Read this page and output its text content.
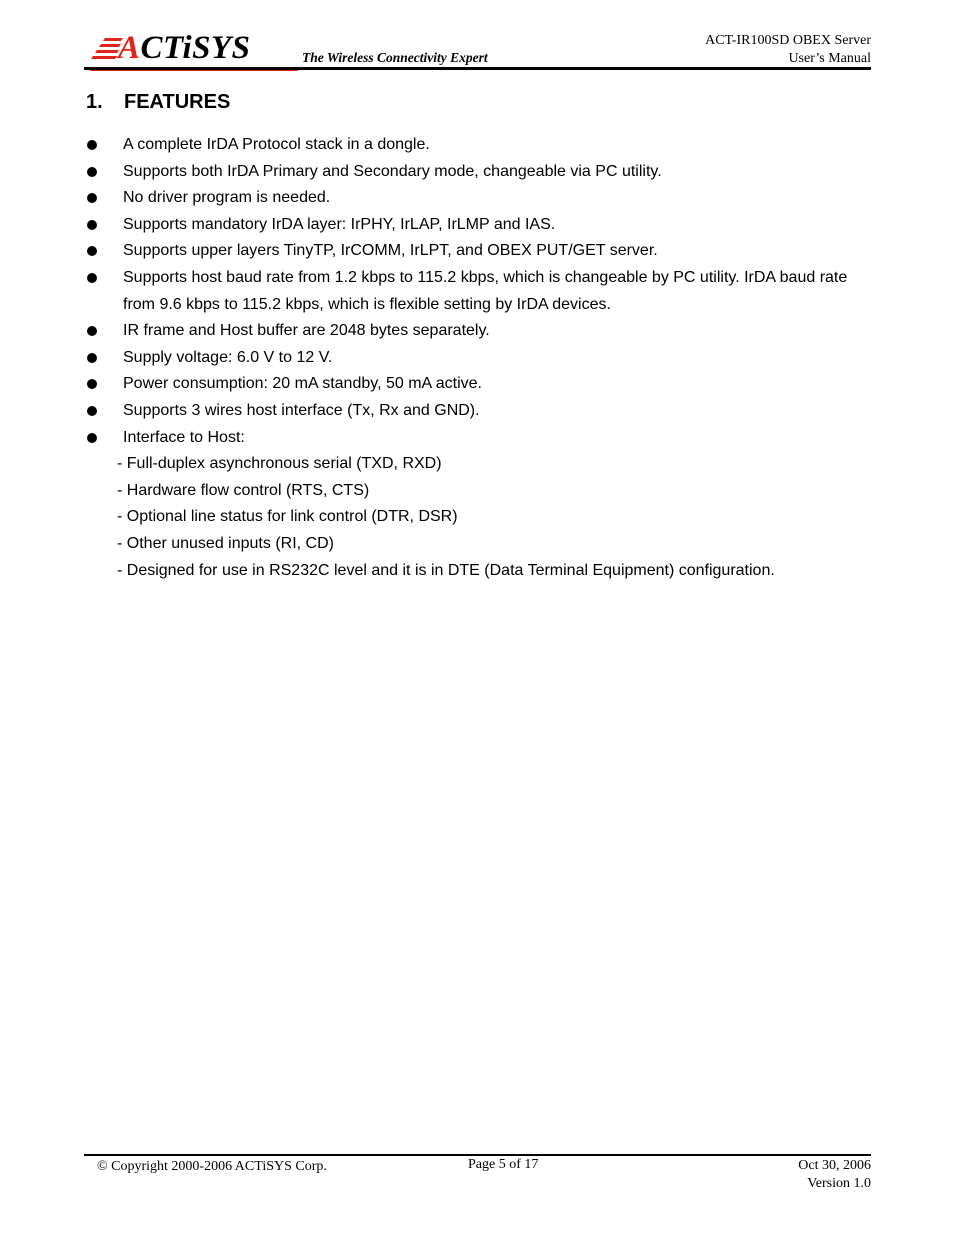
ACTiSYS	The Wireless Connectivity Expert
ACT-IR100SD OBEX Server
User’s Manual
1. FEATURES
A complete IrDA Protocol stack in a dongle.
Supports both IrDA Primary and Secondary mode, changeable via PC utility.
No driver program is needed.
Supports mandatory IrDA layer: IrPHY, IrLAP, IrLMP and IAS.
Supports upper layers TinyTP, IrCOMM, IrLPT, and OBEX PUT/GET server.
Supports host baud rate from 1.2 kbps to 115.2 kbps, which is changeable by PC utility. IrDA baud rate from 9.6 kbps to 115.2 kbps, which is flexible setting by IrDA devices.
IR frame and Host buffer are 2048 bytes separately.
Supply voltage: 6.0 V to 12 V.
Power consumption: 20 mA standby, 50 mA active.
Supports 3 wires host interface (Tx, Rx and GND).
Interface to Host:
- Full-duplex asynchronous serial (TXD, RXD)
- Hardware flow control (RTS, CTS)
- Optional line status for link control (DTR, DSR)
- Other unused inputs (RI, CD)
- Designed for use in RS232C level and it is in DTE (Data Terminal Equipment) configuration.
© Copyright 2000-2006 ACTiSYS Corp.	Page 5 of 17	Oct 30, 2006
Version 1.0
